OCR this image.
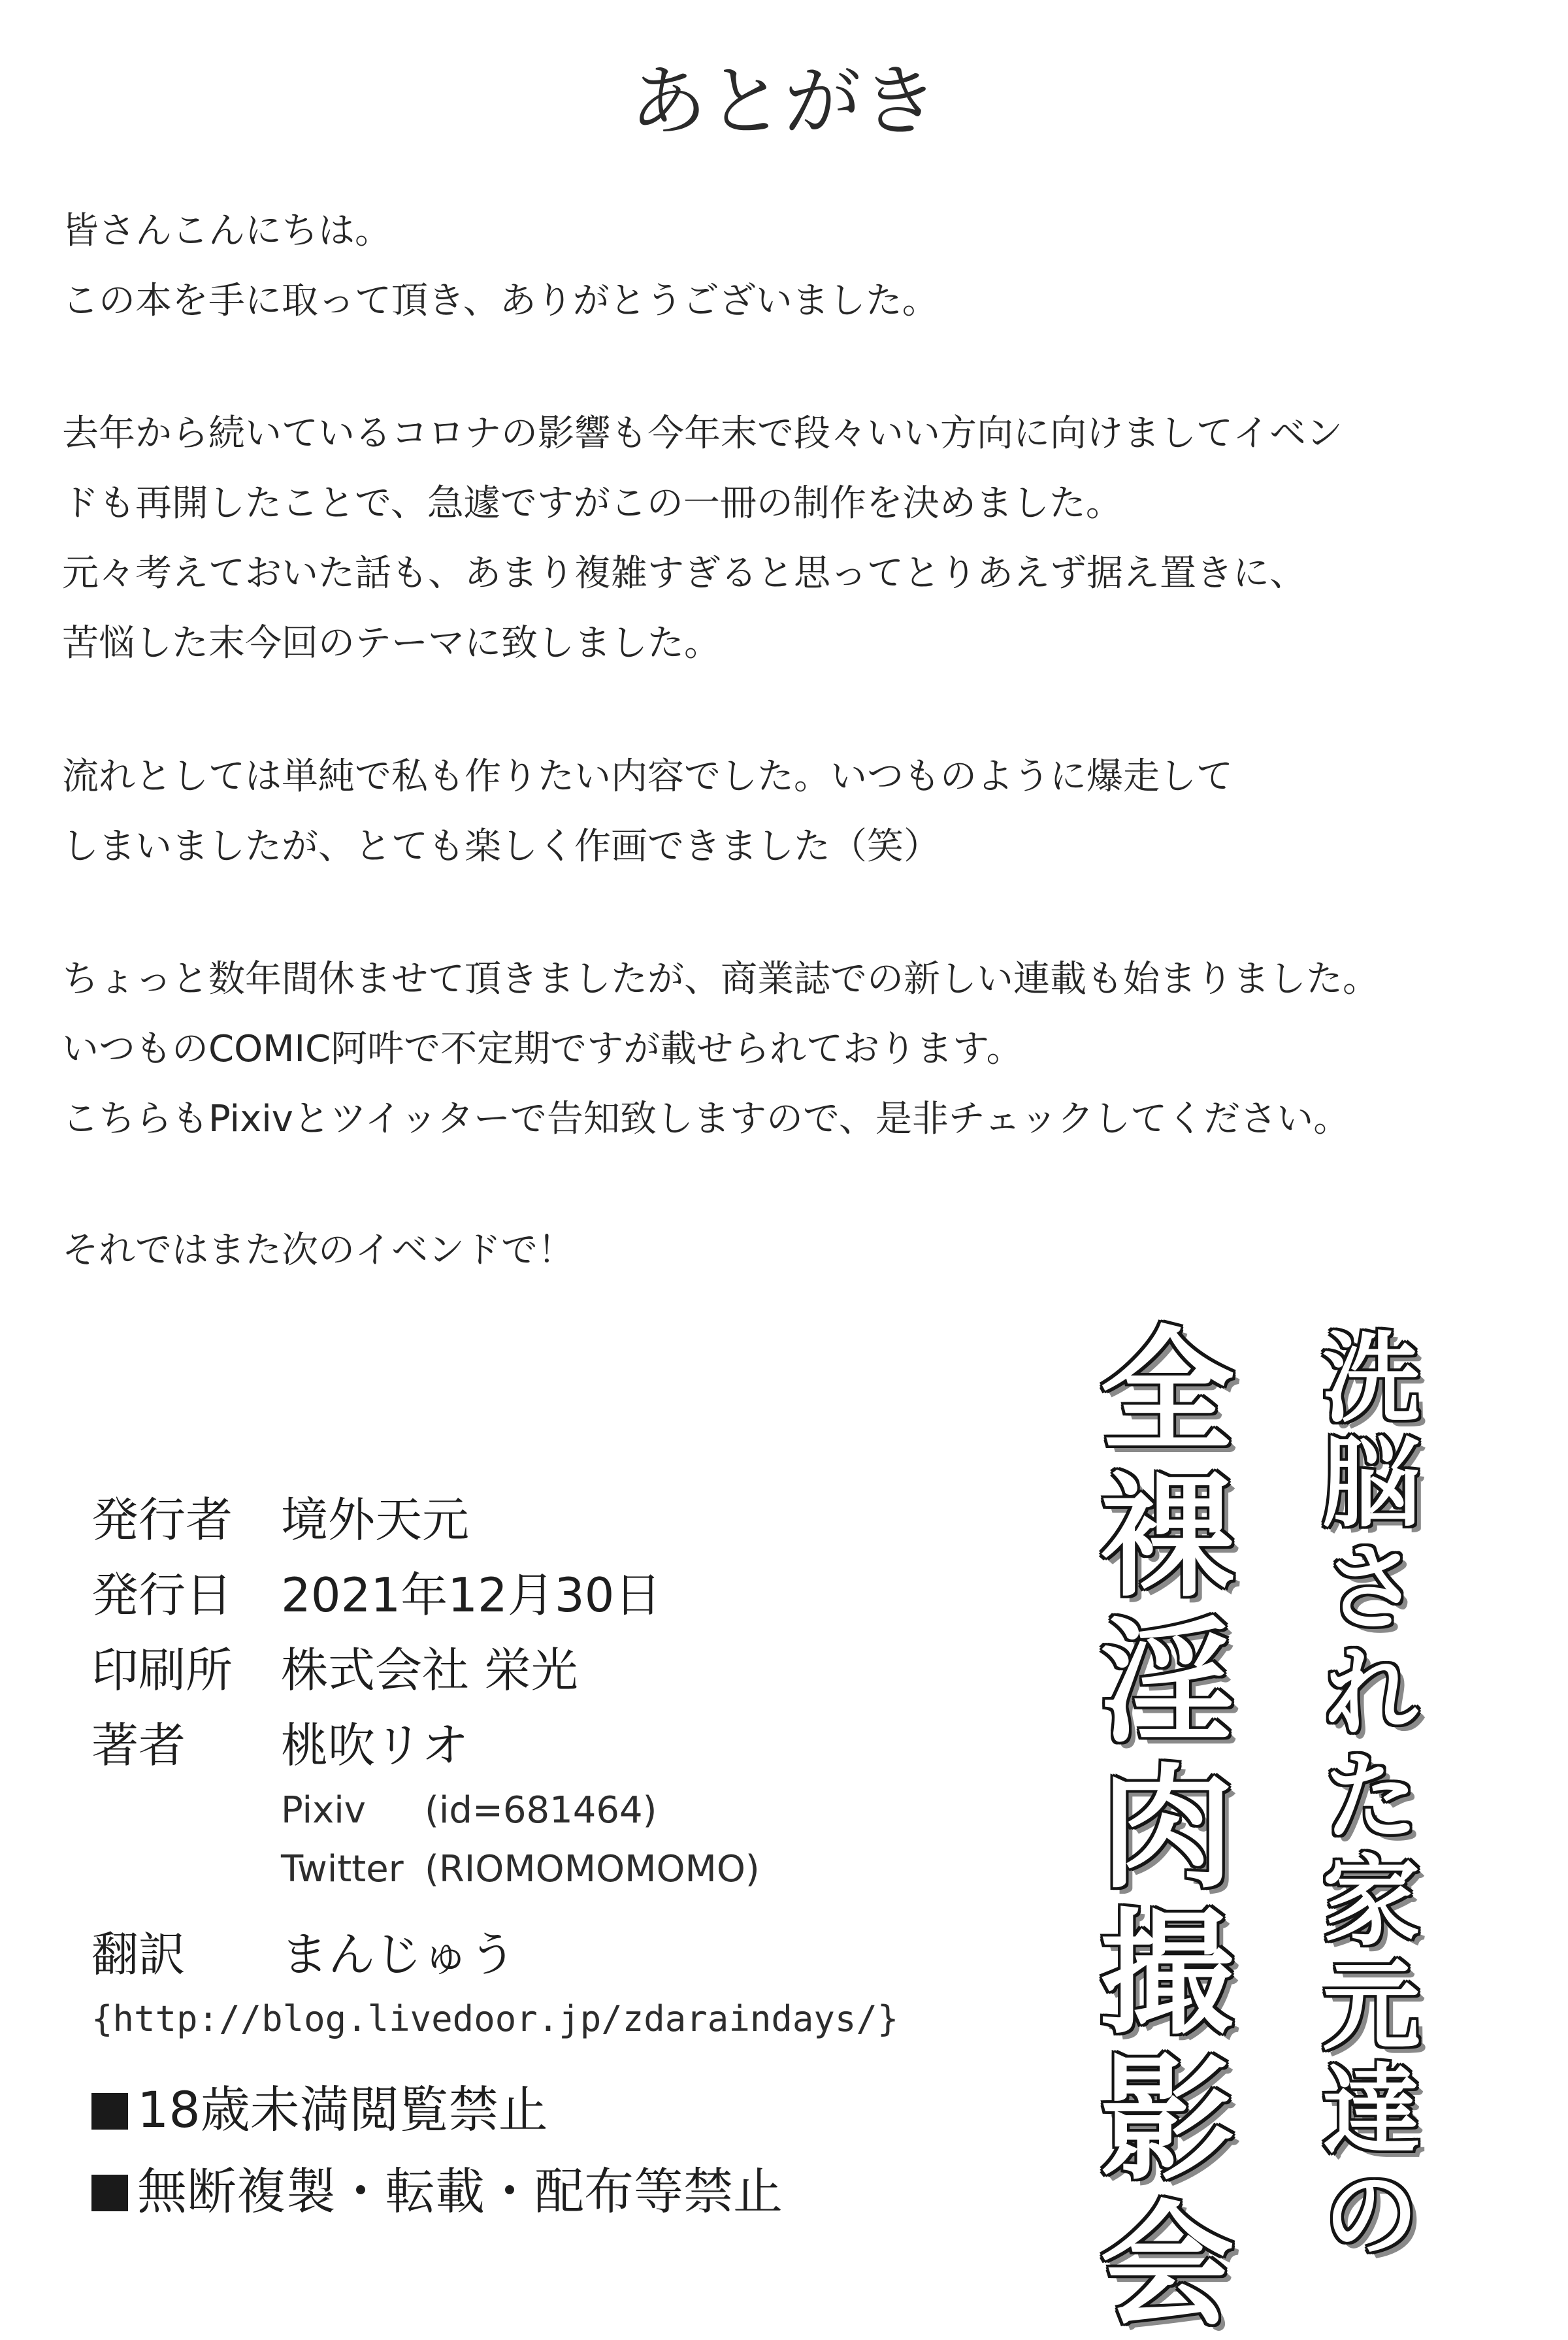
あとがき
皆さんこんにちは。
この本を手に取って頂き、ありがとうございました。
去年から続いているコロナの影響も今年末で段々いい方向に向けましてイベンドも再開したことで、急遽ですがこの一冊の制作を決めました。
元々考えておいた話も、あまり複雑すぎると思ってとりあえず据え置きに、
苦悩した末今回のテーマに致しました。
流れとしては単純で私も作りたい内容でした。いつものように爆走して
しまいましたが、とても楽しく作画できました（笑）
ちょっと数年間休ませて頂きましたが、商業誌での新しい連載も始まりました。
いつものCOMIC阿吽で不定期ですが載せられております。
こちらもPixivとツイッターで告知致しますので、是非チェックしてください。
それではまた次のイベンドで！
発行者 境外天元
発行日 2021年12月30日
印刷所 株式会社 栄光
著者 桃吹リオ
Pixiv (id=681464)
Twitter (RIOMOMOMOMO)
翻訳 まんじゅう
{http://blog.livedoor.jp/zdaraindays/}
18歳未満閲覧禁止
無断複製・転載・配布等禁止	洗脳された家元達の
全裸淫肉撮影会
